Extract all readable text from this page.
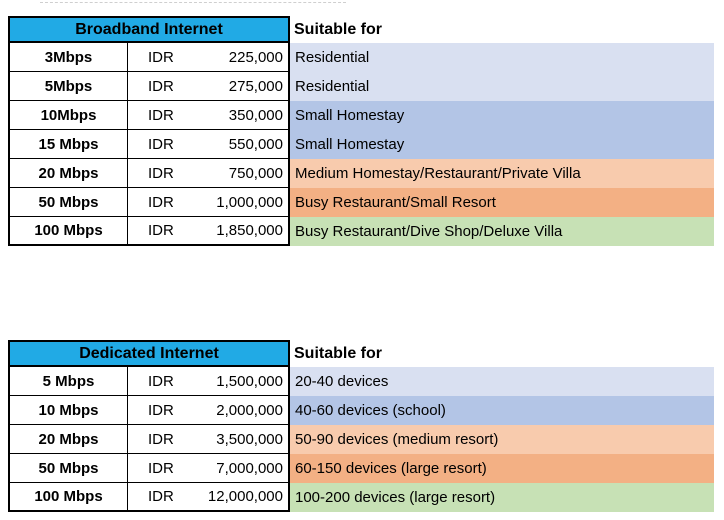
Broadband Internet	Suitable for
3Mbps	IDR	225,000 Residential
5Mbps	IDR	275,000 Residential
10Mbps	IDR	350,000 Small Homestay
15 Mbps	IDR	550,000 Small Homestay
20 Mbps	IDR	750,000 Medium Homestay/Restaurant/Private Villa
50 Mbps	IDR	1,000,000 Busy Restaurant/Small Resort
100 Mbps	IDR	1,850,000 Busy Restaurant/Dive Shop/Deluxe Villa
Dedicated Internet	Suitable for
5 Mbps	IDR	1,500,000 20-40 devices
10 Mbps	IDR	2,000,000 40-60 devices (school)
20 Mbps	IDR	3,500,000 50-90 devices (medium resort)
50 Mbps	IDR	7,000,000 60-150 devices (large resort)
100 Mbps	IDR 12,000,000 100-200 devices (large resort)
